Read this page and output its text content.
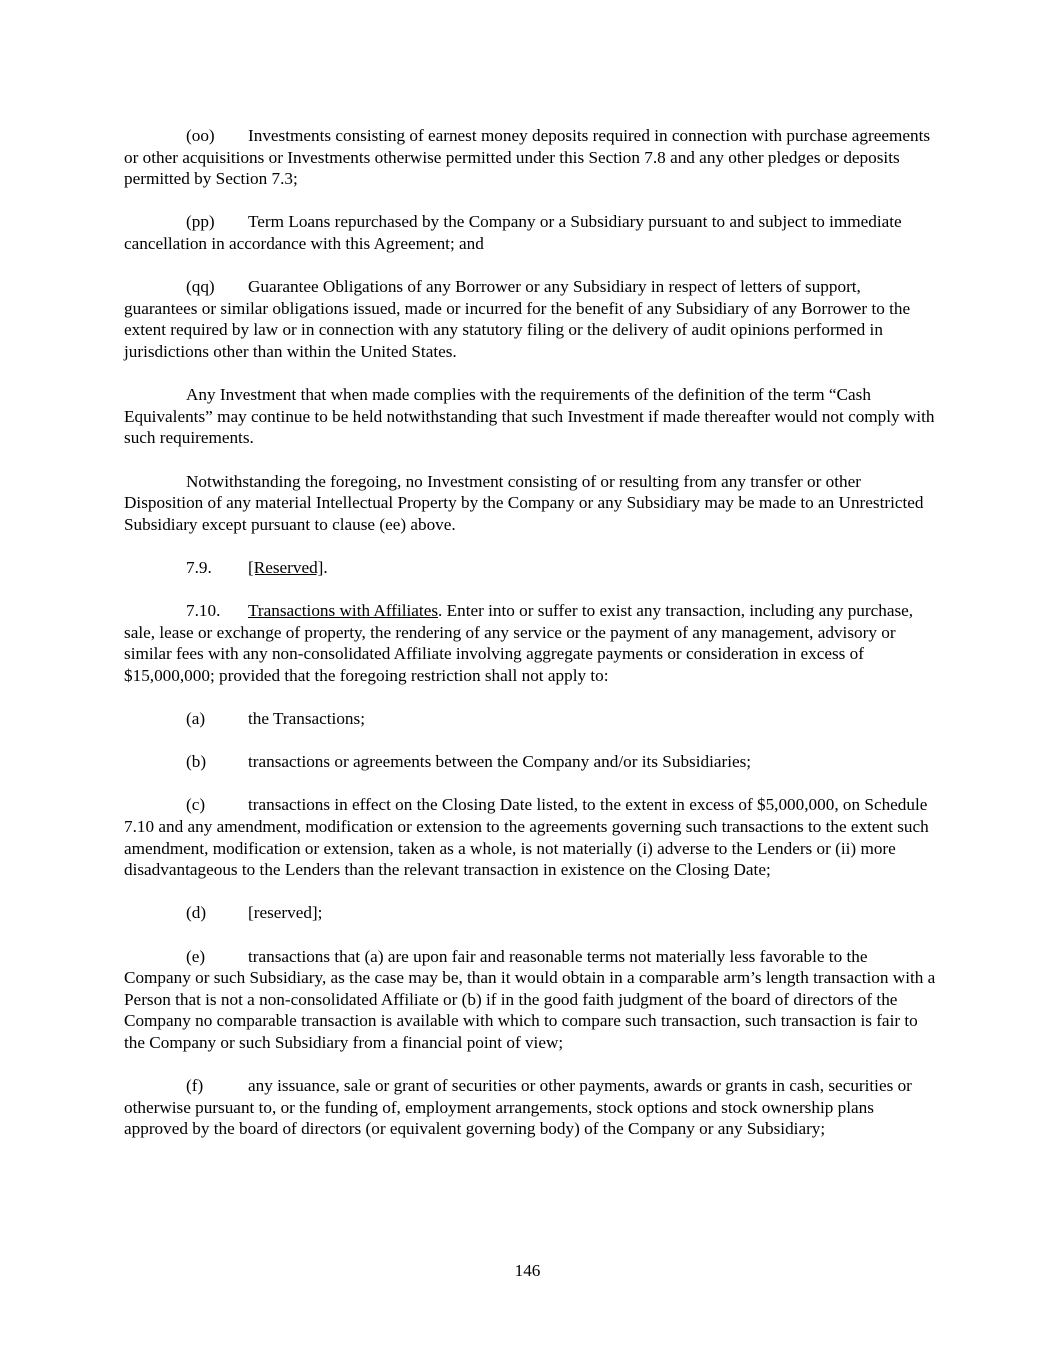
(oo) Investments consisting of earnest money deposits required in connection with purchase agreements or other acquisitions or Investments otherwise permitted under this Section 7.8 and any other pledges or deposits permitted by Section 7.3;

(pp) Term Loans repurchased by the Company or a Subsidiary pursuant to and subject to immediate cancellation in accordance with this Agreement; and

(qq) Guarantee Obligations of any Borrower or any Subsidiary in respect of letters of support, guarantees or similar obligations issued, made or incurred for the benefit of any Subsidiary of any Borrower to the extent required by law or in connection with any statutory filing or the delivery of audit opinions performed in jurisdictions other than within the United States.

Any Investment that when made complies with the requirements of the definition of the term “Cash Equivalents” may continue to be held notwithstanding that such Investment if made thereafter would not comply with such requirements.

Notwithstanding the foregoing, no Investment consisting of or resulting from any transfer or other Disposition of any material Intellectual Property by the Company or any Subsidiary may be made to an Unrestricted Subsidiary except pursuant to clause (ee) above.

7.9. [Reserved].

7.10. Transactions with Affiliates. Enter into or suffer to exist any transaction, including any purchase, sale, lease or exchange of property, the rendering of any service or the payment of any management, advisory or similar fees with any non-consolidated Affiliate involving aggregate payments or consideration in excess of $15,000,000; provided that the foregoing restriction shall not apply to:

(a) the Transactions;

(b) transactions or agreements between the Company and/or its Subsidiaries;

(c) transactions in effect on the Closing Date listed, to the extent in excess of $5,000,000, on Schedule 7.10 and any amendment, modification or extension to the agreements governing such transactions to the extent such amendment, modification or extension, taken as a whole, is not materially (i) adverse to the Lenders or (ii) more disadvantageous to the Lenders than the relevant transaction in existence on the Closing Date;

(d) [reserved];

(e) transactions that (a) are upon fair and reasonable terms not materially less favorable to the Company or such Subsidiary, as the case may be, than it would obtain in a comparable arm’s length transaction with a Person that is not a non-consolidated Affiliate or (b) if in the good faith judgment of the board of directors of the Company no comparable transaction is available with which to compare such transaction, such transaction is fair to the Company or such Subsidiary from a financial point of view;

(f)	any issuance, sale or grant of securities or other payments, awards or grants in cash, securities or otherwise pursuant to, or the funding of, employment arrangements, stock options and stock ownership plans approved by the board of directors (or equivalent governing body) of the Company or any Subsidiary;

146
